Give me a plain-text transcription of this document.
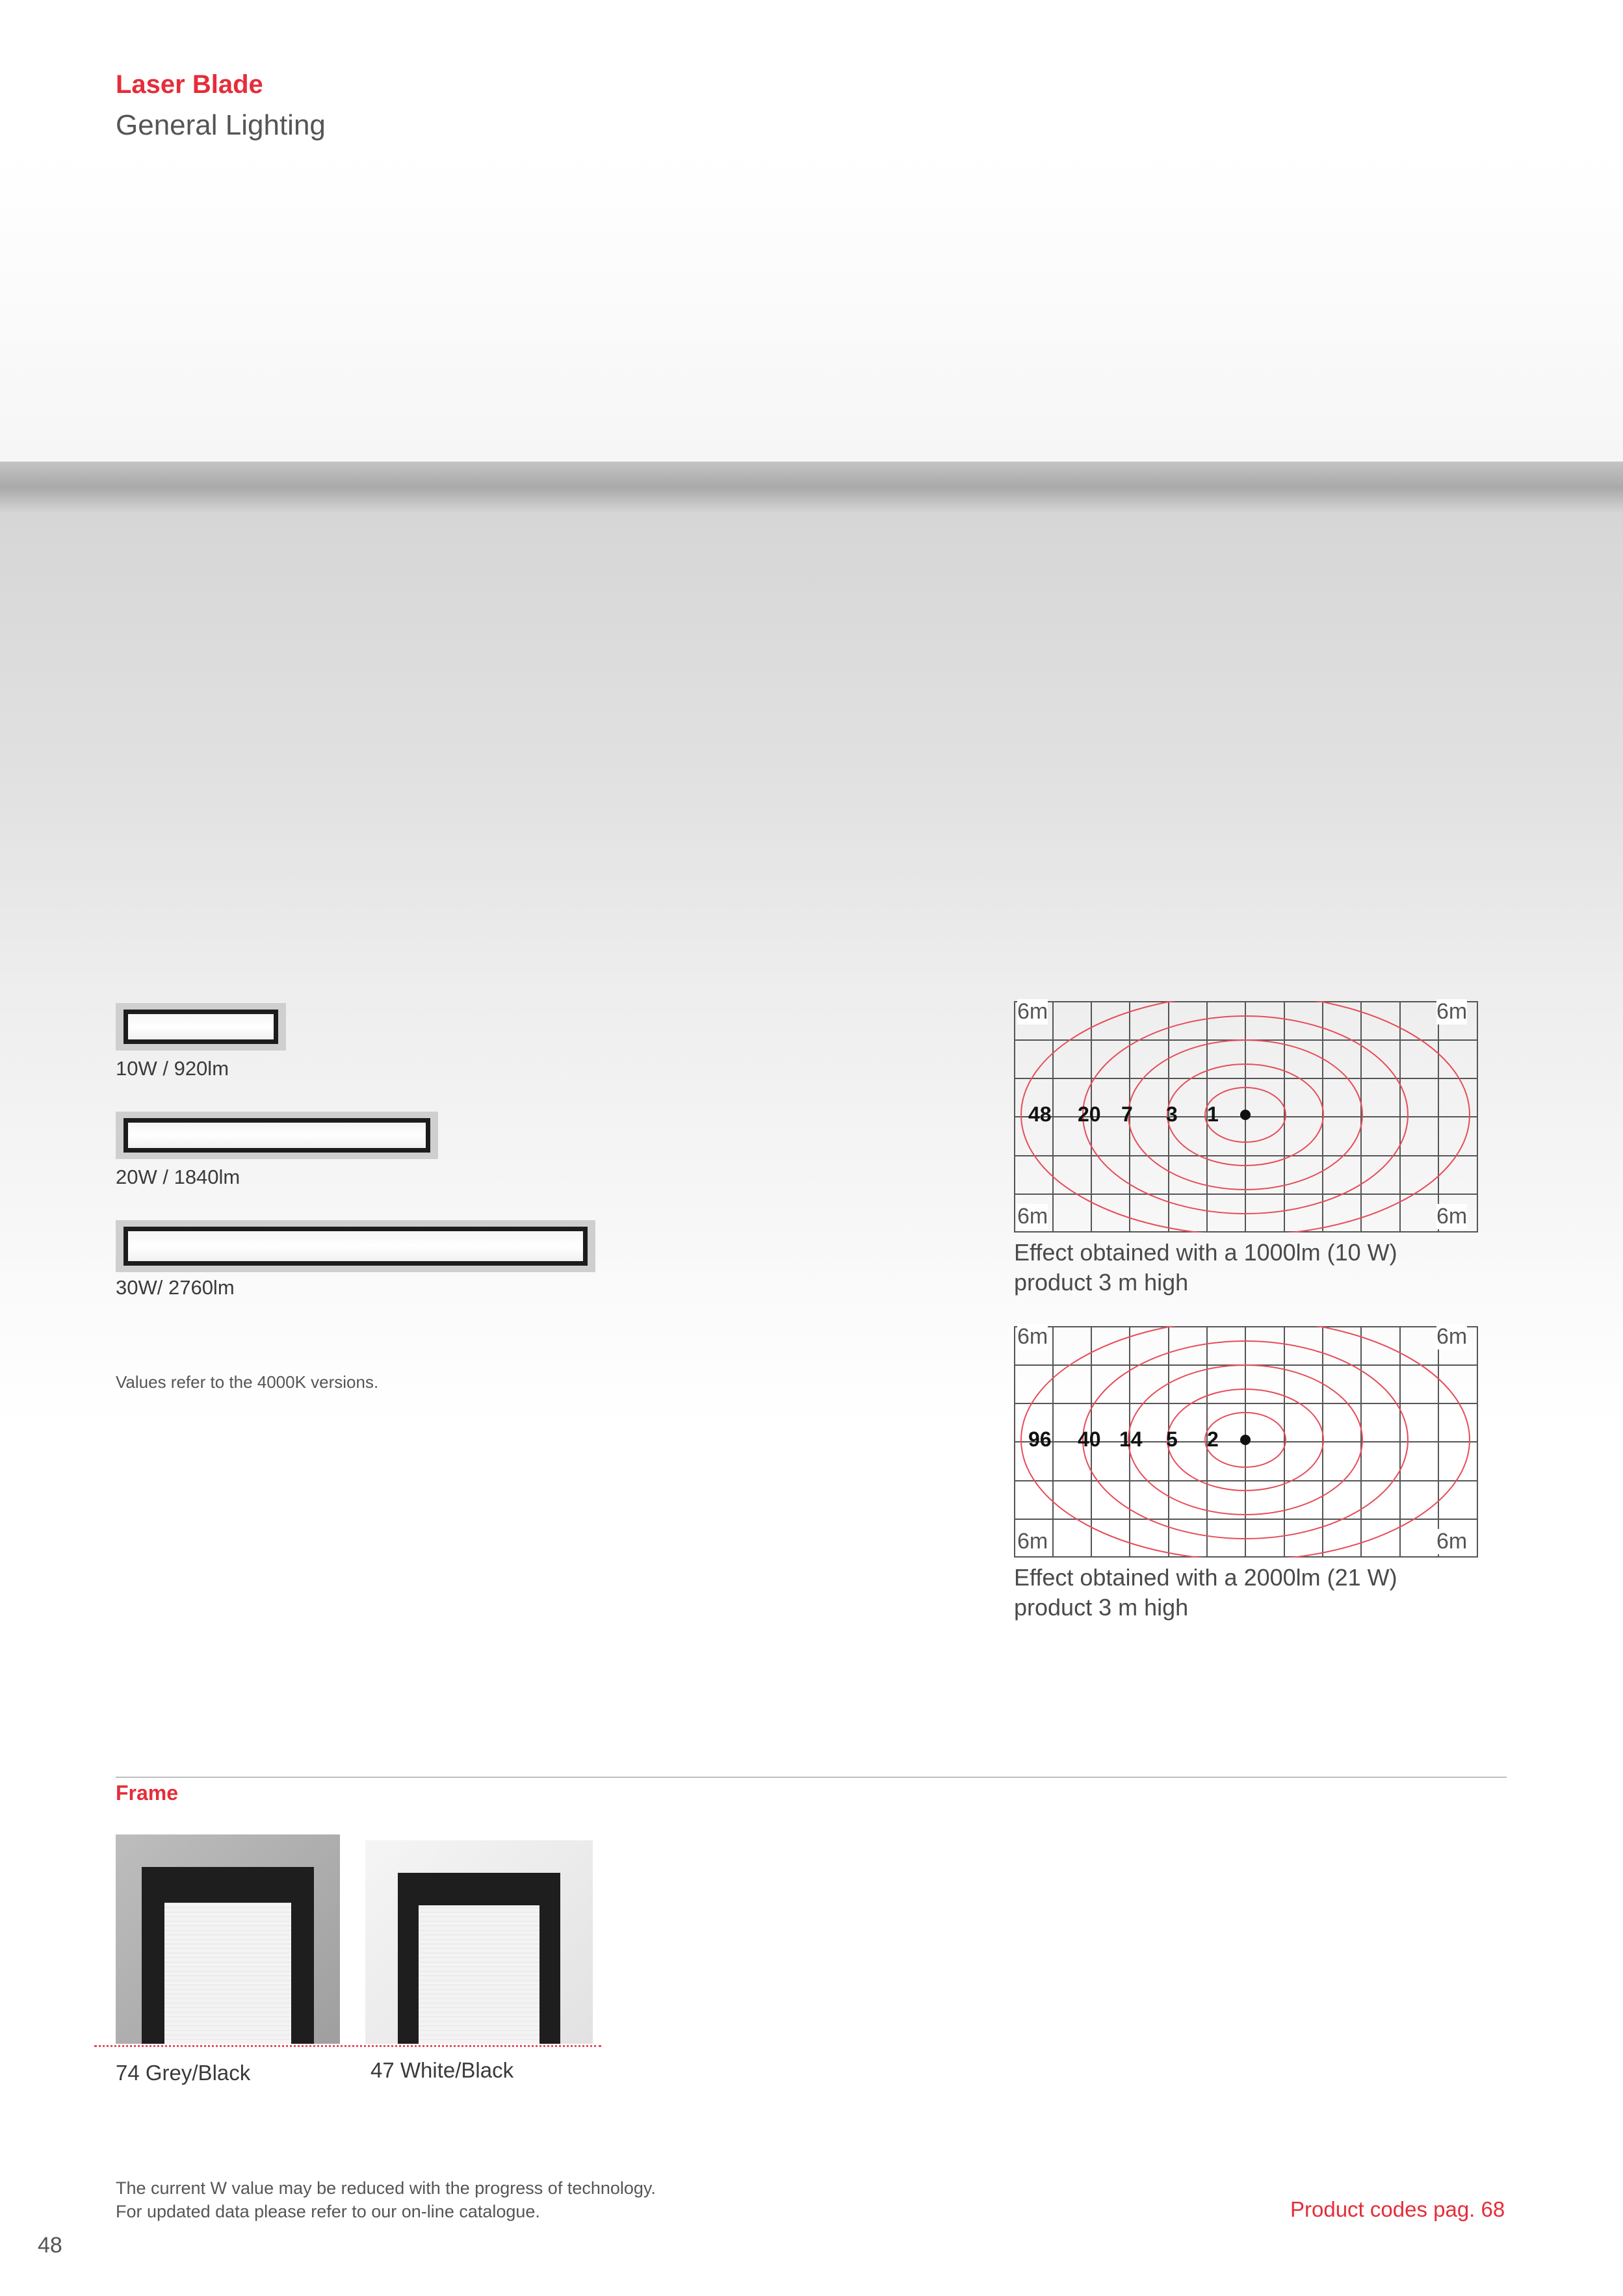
Laser Blade
General Lighting
10W / 920lm
20W / 1840lm
30W/ 2760lm
Values refer to the 4000K versions.
6m	6m
6m	6m
48 20 7 3 1
Effect obtained with a 1000lm (10 W)
product 3 m high
6m	6m
6m	6m
96 40 14 5 2
Effect obtained with a 2000lm (21 W)
product 3 m high
Frame
74 Grey/Black	47 White/Black
The current W value may be reduced with the progress of technology.
For updated data please refer to our on-line catalogue.	Product codes pag. 68
48
